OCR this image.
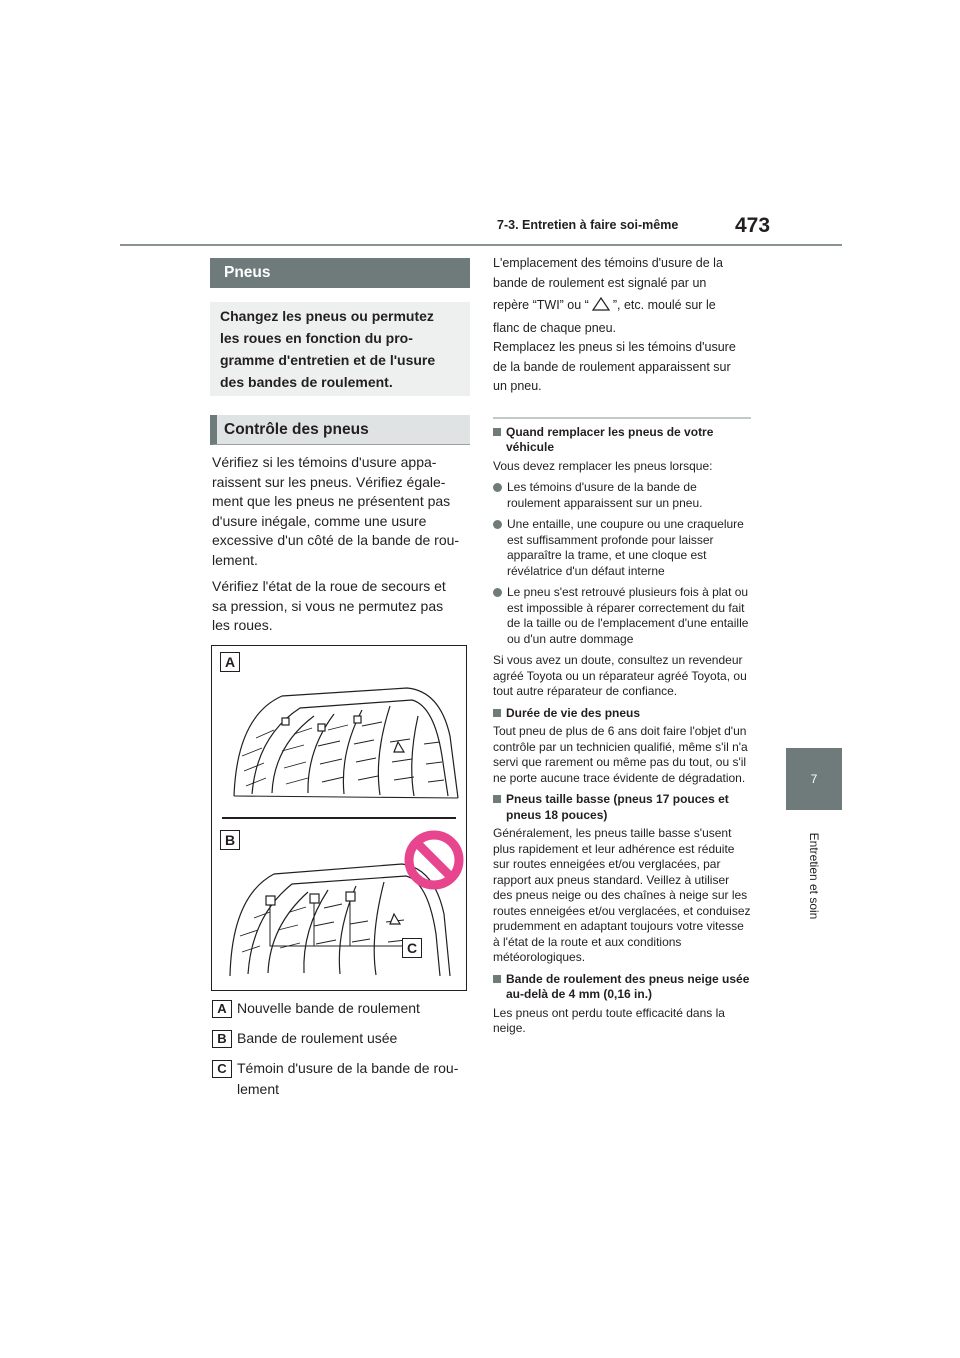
7-3. Entretien à faire soi-même	473
7
Entretien et soin
Pneus
Changez les pneus ou permutez
les roues en fonction du pro-
gramme d'entretien et de l'usure
des bandes de roulement.
Contrôle des pneus

Vérifiez si les témoins d'usure appa-
raissent sur les pneus. Vérifiez égale-
ment que les pneus ne présentent pas
d'usure inégale, comme une usure
excessive d'un côté de la bande de rou-
lement.

Vérifiez l'état de la roue de secours et
sa pression, si vous ne permutez pas
les roues.

A
B
C
A Nouvelle bande de roulement
B Bande de roulement usée
C Témoin d'usure de la bande de rou-
lement

L'emplacement des témoins d'usure de la

bande de roulement est signalé par un

repère “TWI” ou “ ”, etc. moulé sur le

flanc de chaque pneu.

Remplacez les pneus si les témoins d'usure

de la bande de roulement apparaissent sur

un pneu.

Quand remplacer les pneus de votre véhicule

Vous devez remplacer les pneus lorsque:

Les témoins d'usure de la bande de roulement apparaissent sur un pneu.
Une entaille, une coupure ou une craquelure est suffisamment profonde pour laisser apparaître la trame, et une cloque est révélatrice d'un défaut interne
Le pneu s'est retrouvé plusieurs fois à plat ou est impossible à réparer correctement du fait de la taille ou de l'emplacement d'une entaille ou d'un autre dommage

Si vous avez un doute, consultez un revendeur agréé Toyota ou un réparateur agréé Toyota, ou tout autre réparateur de confiance.

Durée de vie des pneus

Tout pneu de plus de 6 ans doit faire l'objet d'un contrôle par un technicien qualifié, même s'il n'a servi que rarement ou même pas du tout, ou s'il ne porte aucune trace évidente de dégradation.

Pneus taille basse (pneus 17 pouces et pneus 18 pouces)

Généralement, les pneus taille basse s'usent plus rapidement et leur adhérence est réduite sur routes enneigées et/ou verglacées, par rapport aux pneus standard. Veillez à utiliser des pneus neige ou des chaînes à neige sur les routes enneigées et/ou verglacées, et conduisez prudemment en adaptant toujours votre vitesse à l'état de la route et aux conditions météorologiques.

Bande de roulement des pneus neige usée au-delà de 4 mm (0,16 in.)

Les pneus ont perdu toute efficacité dans la neige.
